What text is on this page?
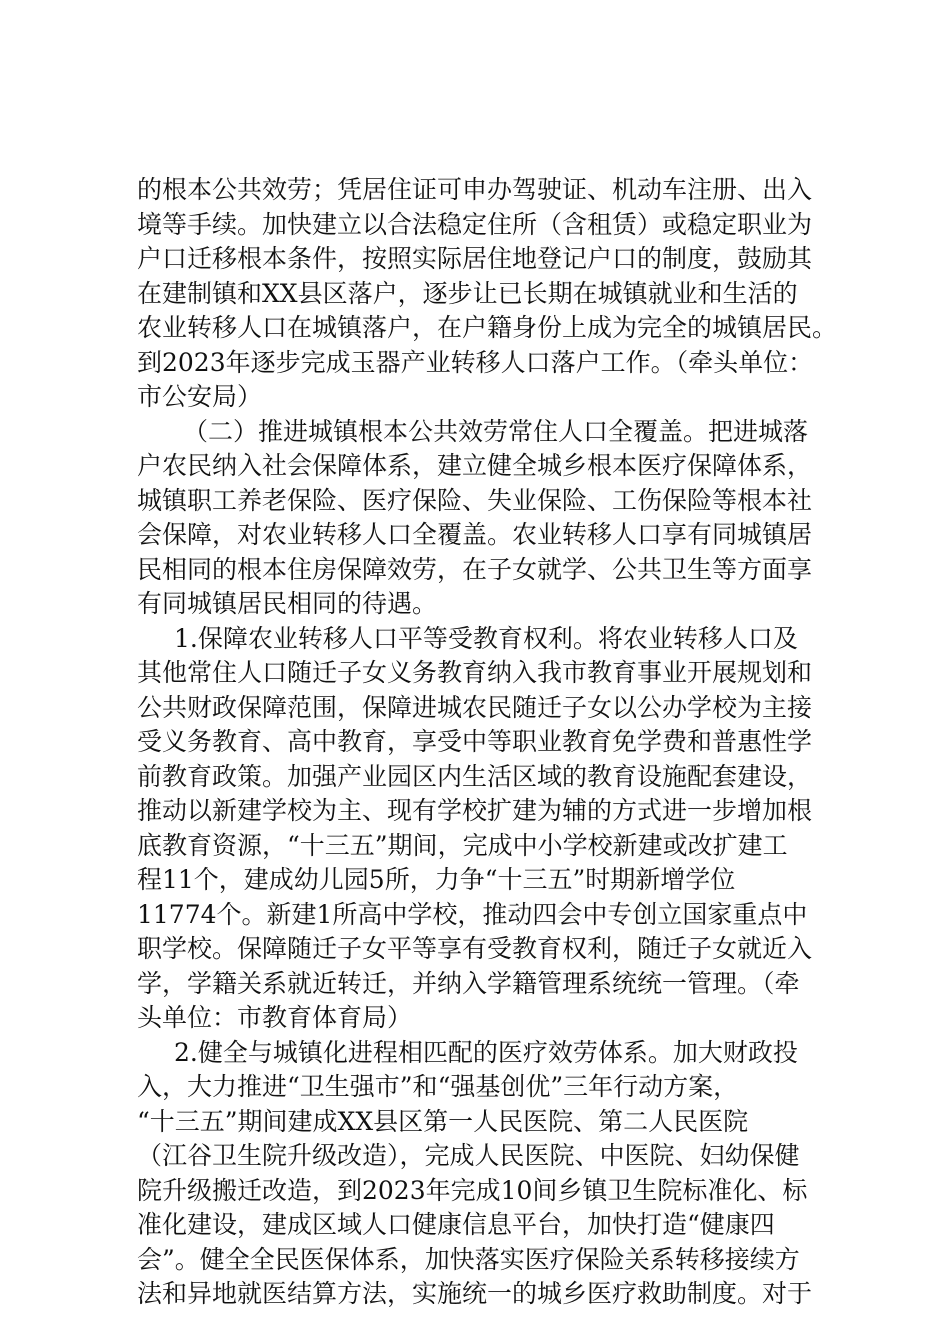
的根本公共效劳；凭居住证可申办驾驶证、机动车注册、出入
境等手续。加快建立以合法稳定住所（含租赁）或稳定职业为
户口迁移根本条件，按照实际居住地登记户口的制度，鼓励其
在建制镇和XX县区落户，逐步让已长期在城镇就业和生活的
农业转移人口在城镇落户，在户籍身份上成为完全的城镇居民。
到2023年逐步完成玉器产业转移人口落户工作。（牵头单位：
市公安局）
（二）推进城镇根本公共效劳常住人口全覆盖。把进城落
户农民纳入社会保障体系，建立健全城乡根本医疗保障体系，
城镇职工养老保险、医疗保险、失业保险、工伤保险等根本社
会保障，对农业转移人口全覆盖。农业转移人口享有同城镇居
民相同的根本住房保障效劳，在子女就学、公共卫生等方面享
有同城镇居民相同的待遇。
1.保障农业转移人口平等受教育权利。将农业转移人口及
其他常住人口随迁子女义务教育纳入我市教育事业开展规划和
公共财政保障范围，保障进城农民随迁子女以公办学校为主接
受义务教育、高中教育，享受中等职业教育免学费和普惠性学
前教育政策。加强产业园区内生活区域的教育设施配套建设，
推动以新建学校为主、现有学校扩建为辅的方式进一步增加根
底教育资源，“十三五”期间，完成中小学校新建或改扩建工
程11个，建成幼儿园5所，力争“十三五”时期新增学位
11774个。新建1所高中学校，推动四会中专创立国家重点中
职学校。保障随迁子女平等享有受教育权利，随迁子女就近入
学，学籍关系就近转迁，并纳入学籍管理系统统一管理。（牵
头单位：市教育体育局）
2.健全与城镇化进程相匹配的医疗效劳体系。加大财政投
入，大力推进“卫生强市”和“强基创优”三年行动方案，
“十三五”期间建成XX县区第一人民医院、第二人民医院
（江谷卫生院升级改造），完成人民医院、中医院、妇幼保健
院升级搬迁改造，到2023年完成10间乡镇卫生院标准化、标
准化建设，建成区域人口健康信息平台，加快打造“健康四
会”。健全全民医保体系，加快落实医疗保险关系转移接续方
法和异地就医结算方法，实施统一的城乡医疗救助制度。对于
